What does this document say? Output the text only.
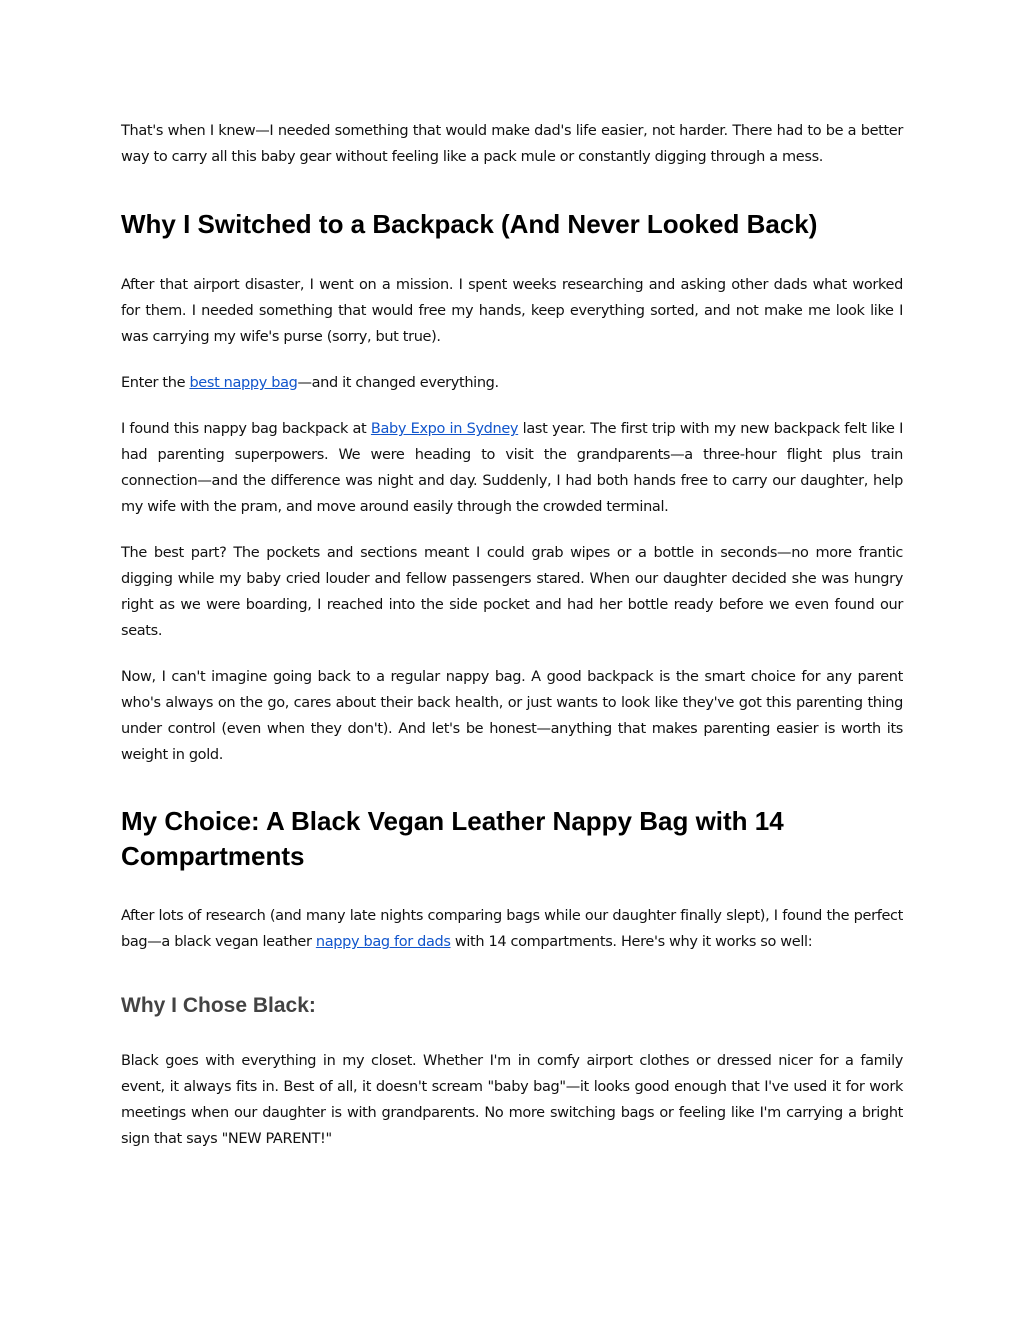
That's when I knew—I needed something that would make dad's life easier, not harder. There had to be a better way to carry all this baby gear without feeling like a pack mule or constantly digging through a mess.

Why I Switched to a Backpack (And Never Looked Back)

After that airport disaster, I went on a mission. I spent weeks researching and asking other dads what worked for them. I needed something that would free my hands, keep everything sorted, and not make me look like I was carrying my wife's purse (sorry, but true).

Enter the best nappy bag—and it changed everything.

I found this nappy bag backpack at Baby Expo in Sydney last year. The first trip with my new backpack felt like I had parenting superpowers. We were heading to visit the grandparents—a three-hour flight plus train connection—and the difference was night and day. Suddenly, I had both hands free to carry our daughter, help my wife with the pram, and move around easily through the crowded terminal.

The best part? The pockets and sections meant I could grab wipes or a bottle in seconds—no more frantic digging while my baby cried louder and fellow passengers stared. When our daughter decided she was hungry right as we were boarding, I reached into the side pocket and had her bottle ready before we even found our seats.

Now, I can't imagine going back to a regular nappy bag. A good backpack is the smart choice for any parent who's always on the go, cares about their back health, or just wants to look like they've got this parenting thing under control (even when they don't). And let's be honest—anything that makes parenting easier is worth its weight in gold.

My Choice: A Black Vegan Leather Nappy Bag with 14 Compartments

After lots of research (and many late nights comparing bags while our daughter finally slept), I found the perfect bag—a black vegan leather nappy bag for dads with 14 compartments. Here's why it works so well:

Why I Chose Black:

Black goes with everything in my closet. Whether I'm in comfy airport clothes or dressed nicer for a family event, it always fits in. Best of all, it doesn't scream "baby bag"—it looks good enough that I've used it for work meetings when our daughter is with grandparents. No more switching bags or feeling like I'm carrying a bright sign that says "NEW PARENT!"
